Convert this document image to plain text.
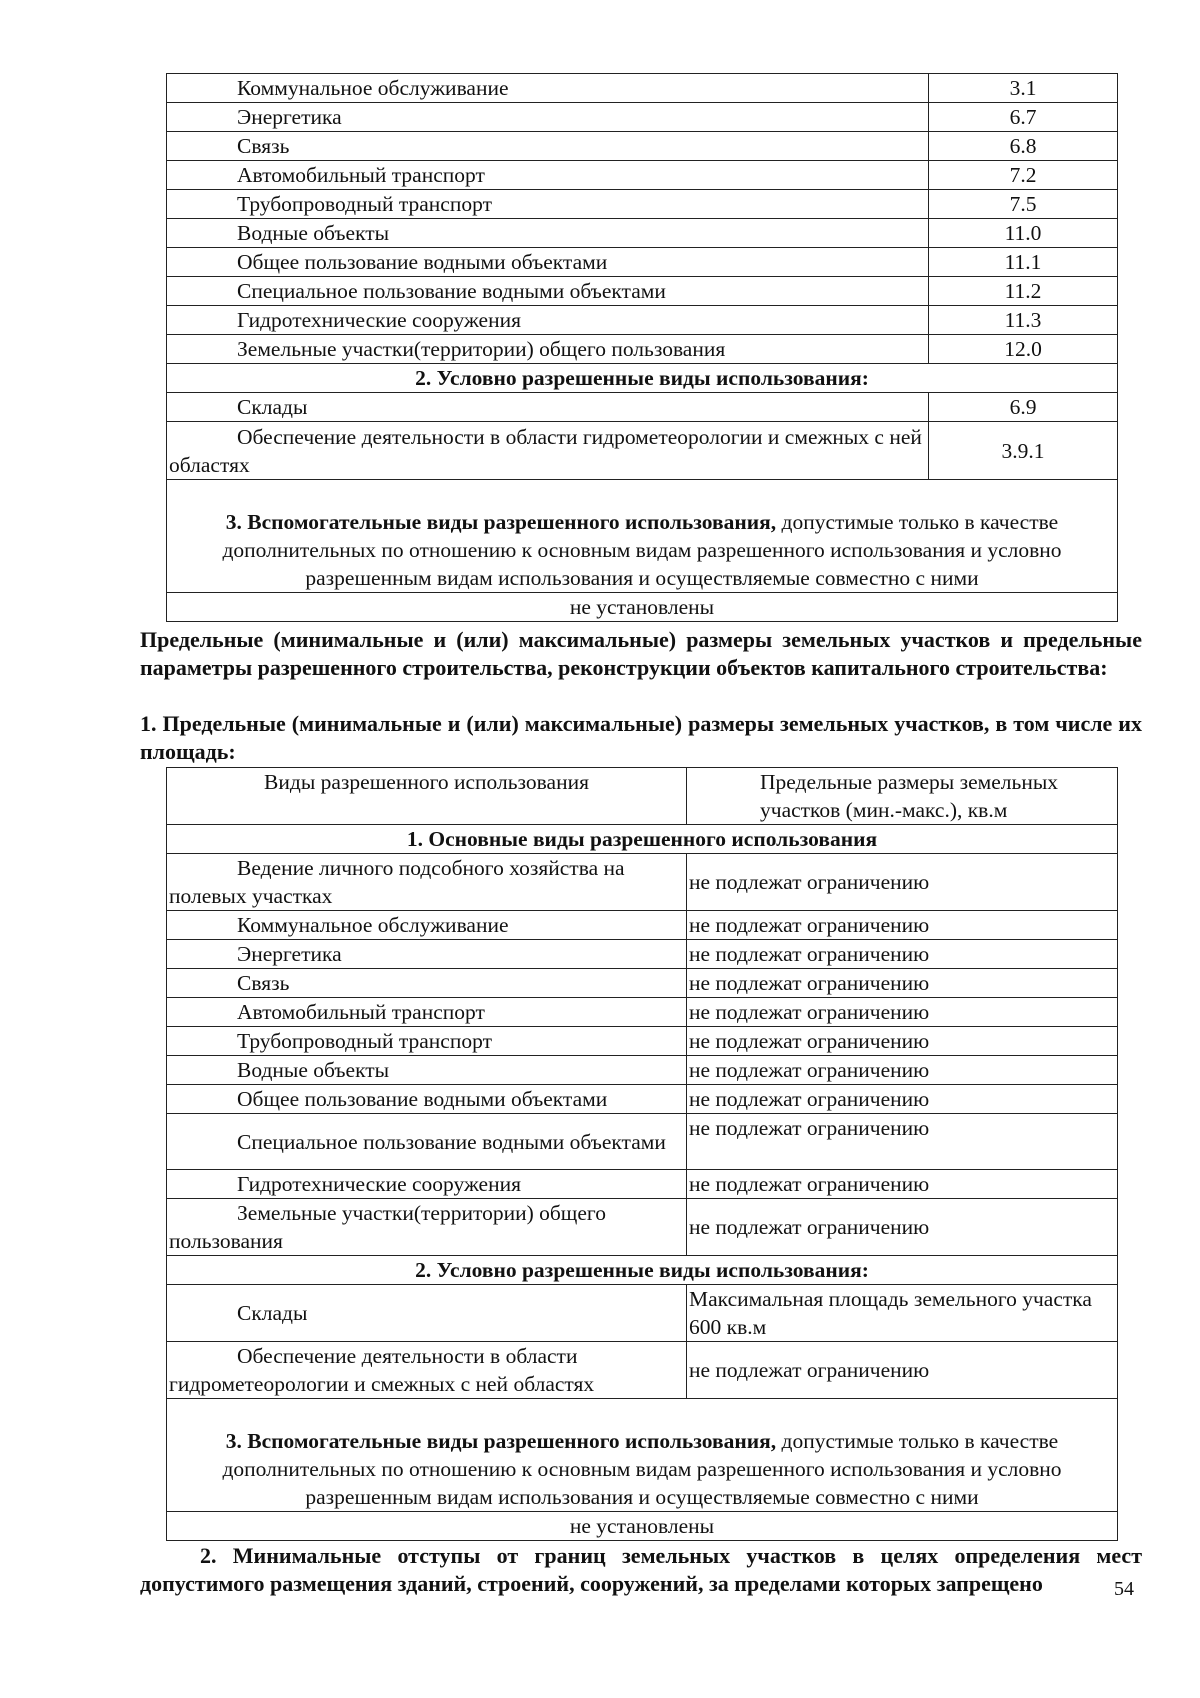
Коммунальное обслуживание	3.1
Энергетика	6.7
Связь	6.8
Автомобильный транспорт	7.2
Трубопроводный транспорт	7.5
Водные объекты	11.0
Общее пользование водными объектами	11.1
Специальное пользование водными объектами	11.2
Гидротехнические сооружения	11.3
Земельные участки(территории) общего пользования	12.0
2. Условно разрешенные виды использования:	
Склады	6.9
Обеспечение деятельности в области гидрометеорологии и смежных с ней областях	3.9.1
3. Вспомогательные виды разрешенного использования, допустимые только в качестве дополнительных по отношению к основным видам разрешенного использования и условно разрешенным видам использования и осуществляемые совместно с ними	
не установлены	
Предельные (минимальные и (или) максимальные) размеры земельных участков и предельные параметры разрешенного строительства, реконструкции объектов капитального строительства:
1. Предельные (минимальные и (или) максимальные) размеры земельных участков, в том числе их площадь:
Виды разрешенного использования	Предельные размеры земельных участков (мин.-макс.), кв.м
1. Основные виды разрешенного использования	
Ведение личного подсобного хозяйства на полевых участках	не подлежат ограничению
Коммунальное обслуживание	не подлежат ограничению
Энергетика	не подлежат ограничению
Связь	не подлежат ограничению
Автомобильный транспорт	не подлежат ограничению
Трубопроводный транспорт	не подлежат ограничению
Водные объекты	не подлежат ограничению
Общее пользование водными объектами	не подлежат ограничению
Специальное пользование водными объектами	не подлежат ограничению
Гидротехнические сооружения	не подлежат ограничению
Земельные участки(территории) общего пользования	не подлежат ограничению
2. Условно разрешенные виды использования:	
Склады	Максимальная площадь земельного участка 600 кв.м
Обеспечение деятельности в области гидрометеорологии и смежных с ней областях	не подлежат ограничению
3. Вспомогательные виды разрешенного использования, допустимые только в качестве дополнительных по отношению к основным видам разрешенного использования и условно разрешенным видам использования и осуществляемые совместно с ними	
не установлены	
2. Минимальные отступы от границ земельных участков в целях определения мест допустимого размещения зданий, строений, сооружений, за пределами которых запрещено	54
